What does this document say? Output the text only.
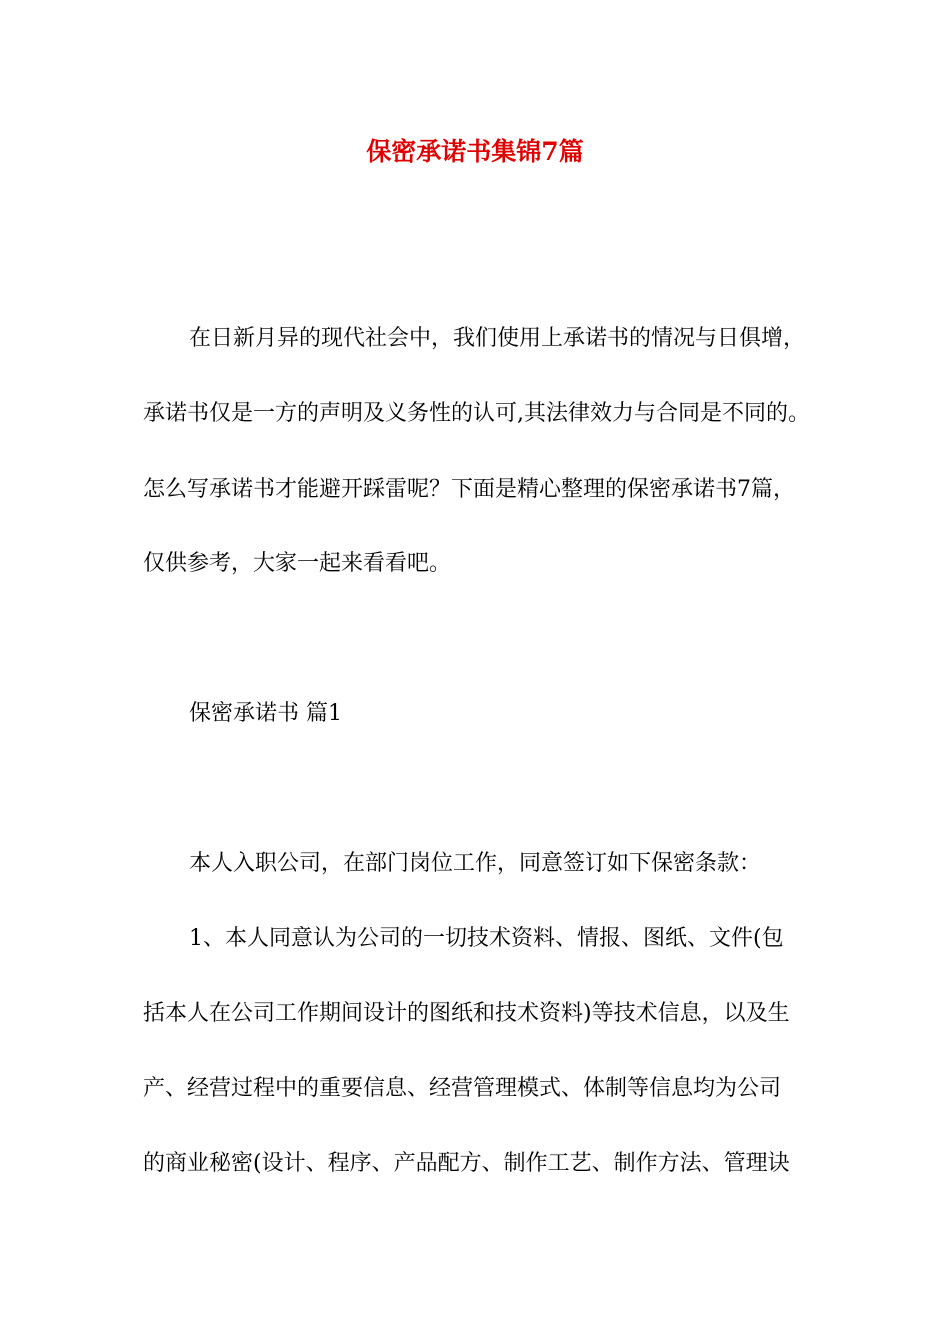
保密承诺书集锦7篇
在日新月异的现代社会中，我们使用上承诺书的情况与日俱增，
承诺书仅是一方的声明及义务性的认可,其法律效力与合同是不同的。
怎么写承诺书才能避开踩雷呢？下面是精心整理的保密承诺书7篇，
仅供参考，大家一起来看看吧。
保密承诺书 篇1
本人入职公司，在部门岗位工作，同意签订如下保密条款：
1、本人同意认为公司的一切技术资料、情报、图纸、文件(包
括本人在公司工作期间设计的图纸和技术资料)等技术信息，以及生
产、经营过程中的重要信息、经营管理模式、体制等信息均为公司
的商业秘密(设计、程序、产品配方、制作工艺、制作方法、管理诀
